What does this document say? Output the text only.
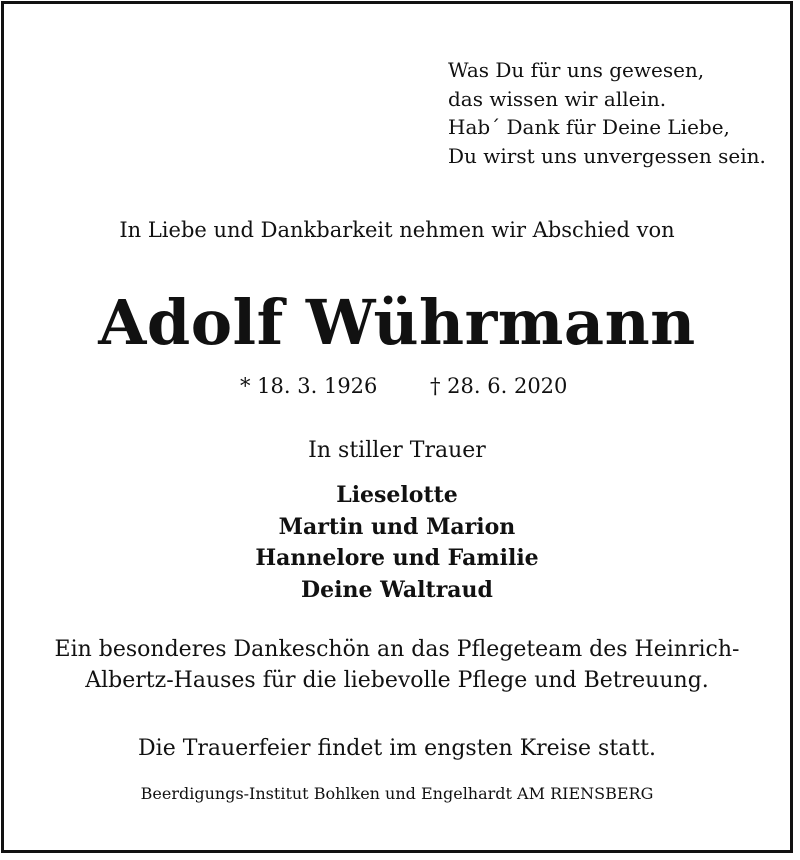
Was Du für uns gewesen,
das wissen wir allein.
Hab´ Dank für Deine Liebe,
Du wirst uns unvergessen sein.
In Liebe und Dankbarkeit nehmen wir Abschied von
Adolf Wührmann
* 18. 3. 1926	† 28. 6. 2020
In stiller Trauer
Lieselotte
Martin und Marion
Hannelore und Familie
Deine Waltraud
Ein besonderes Dankeschön an das Pflegeteam des Heinrich-
Albertz-Hauses für die liebevolle Pflege und Betreuung.
Die Trauerfeier findet im engsten Kreise statt.
Beerdigungs-Institut Bohlken und Engelhardt AM RIENSBERG
